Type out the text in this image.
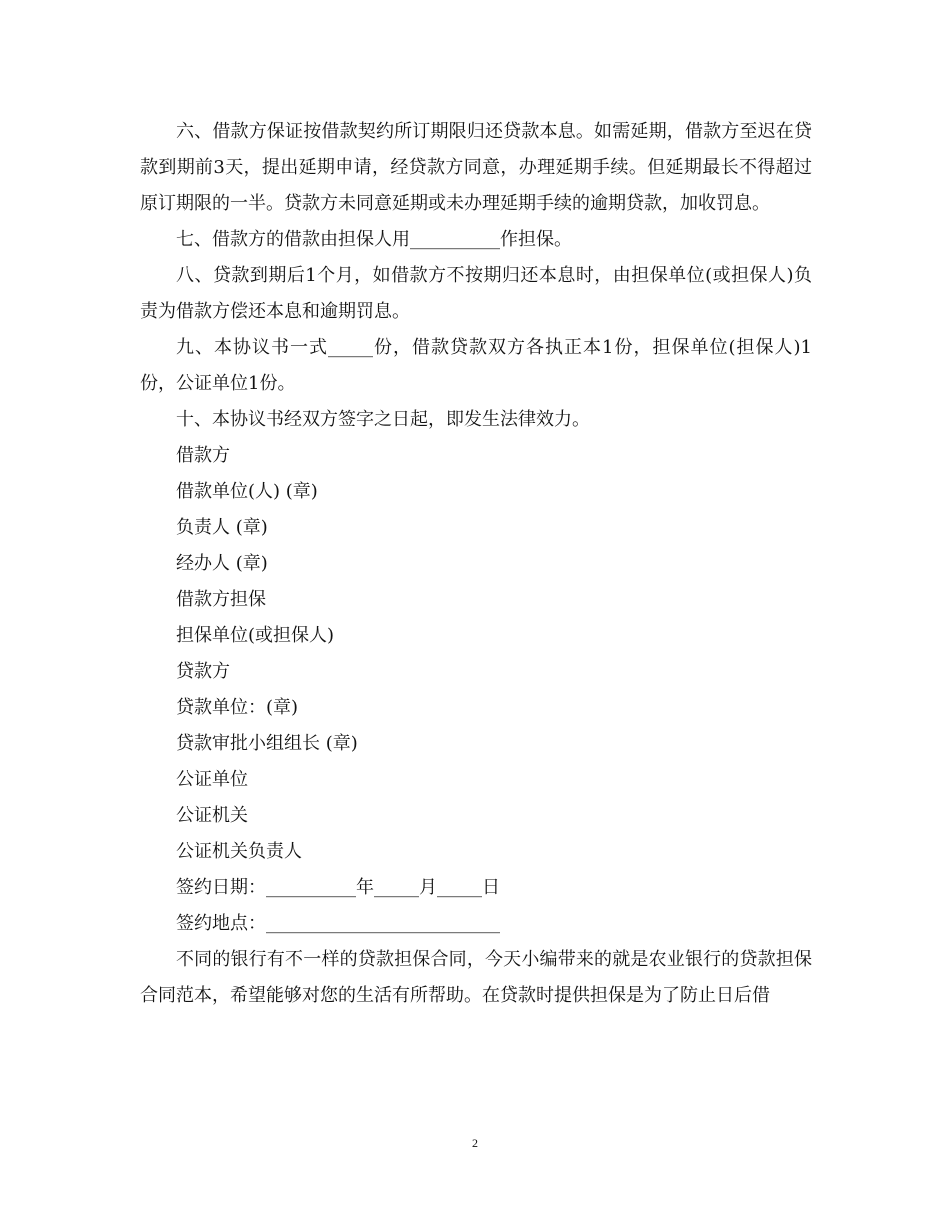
六、借款方保证按借款契约所订期限归还贷款本息。如需延期，借款方至迟在贷款到期前3天，提出延期申请，经贷款方同意，办理延期手续。但延期最长不得超过原订期限的一半。贷款方未同意延期或未办理延期手续的逾期贷款，加收罚息。

七、借款方的借款由担保人用__________作担保。

八、贷款到期后1个月，如借款方不按期归还本息时，由担保单位(或担保人)负责为借款方偿还本息和逾期罚息。

九、本协议书一式_____份，借款贷款双方各执正本1份，担保单位(担保人)1份，公证单位1份。

十、本协议书经双方签字之日起，即发生法律效力。

借款方

借款单位(人) (章)

负责人 (章)

经办人 (章)

借款方担保

担保单位(或担保人)

贷款方

贷款单位：(章)

贷款审批小组组长 (章)

公证单位

公证机关

公证机关负责人

签约日期：__________年_____月_____日

签约地点：__________________________

不同的银行有不一样的贷款担保合同，今天小编带来的就是农业银行的贷款担保合同范本，希望能够对您的生活有所帮助。在贷款时提供担保是为了防止日后借

2
